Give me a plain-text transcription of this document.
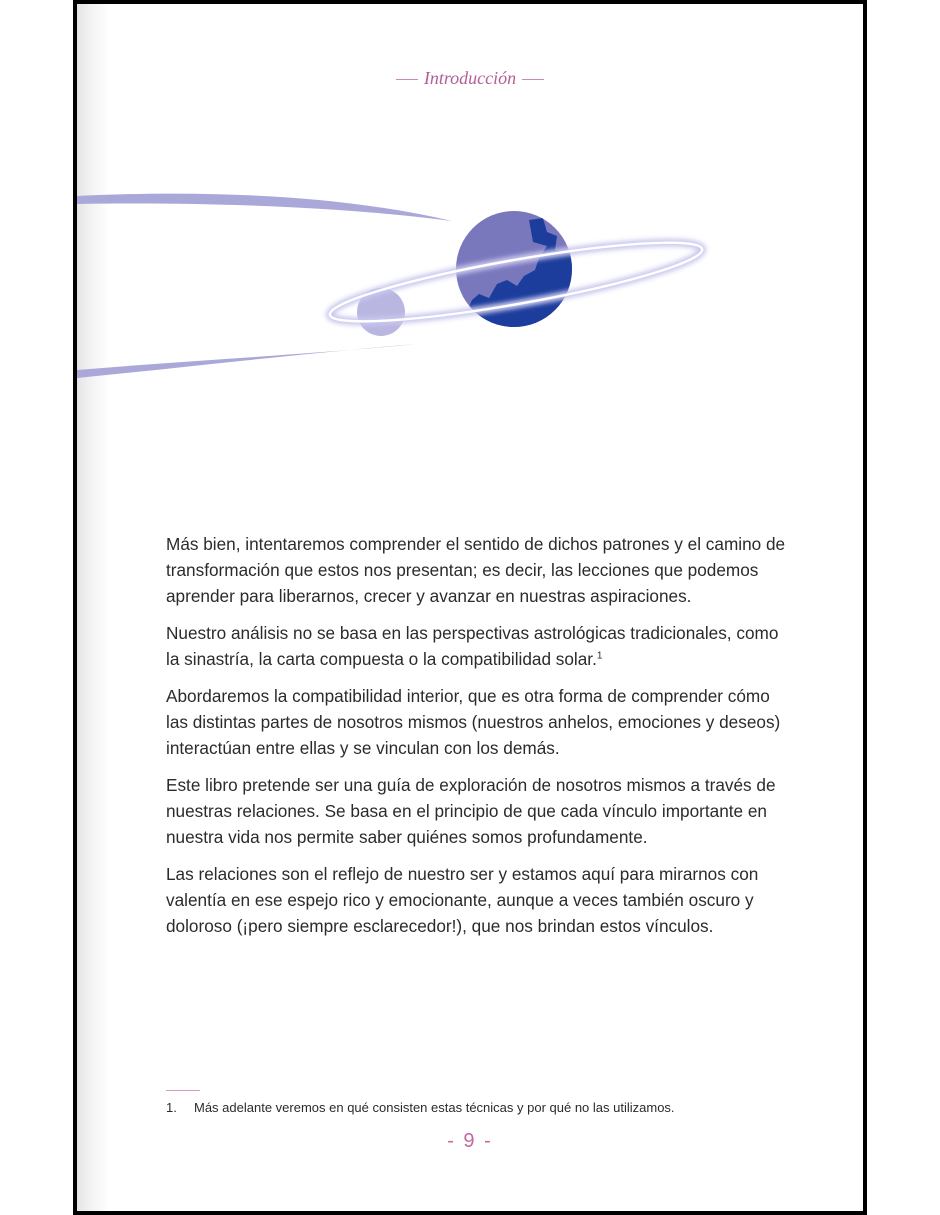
Introducción

Más bien, intentaremos comprender el sentido de dichos patrones y el camino de transformación que estos nos presentan; es decir, las lecciones que podemos aprender para liberarnos, crecer y avanzar en nuestras aspiraciones.

Nuestro análisis no se basa en las perspectivas astrológicas tradicionales, como la sinastría, la carta compuesta o la compatibilidad solar.$^1$

Abordaremos la compatibilidad interior, que es otra forma de comprender cómo las distintas partes de nosotros mismos (nuestros anhelos, emociones y deseos) interactúan entre ellas y se vinculan con los demás.

Este libro pretende ser una guía de exploración de nosotros mismos a través de nuestras relaciones. Se basa en el principio de que cada vínculo importante en nuestra vida nos permite saber quiénes somos profundamente.

Las relaciones son el reflejo de nuestro ser y estamos aquí para mirarnos con valentía en ese espejo rico y emocionante, aunque a veces también oscuro y doloroso (¡pero siempre esclarecedor!), que nos brindan estos vínculos.

1. Más adelante veremos en qué consisten estas técnicas y por qué no las utilizamos.
- 9 -
